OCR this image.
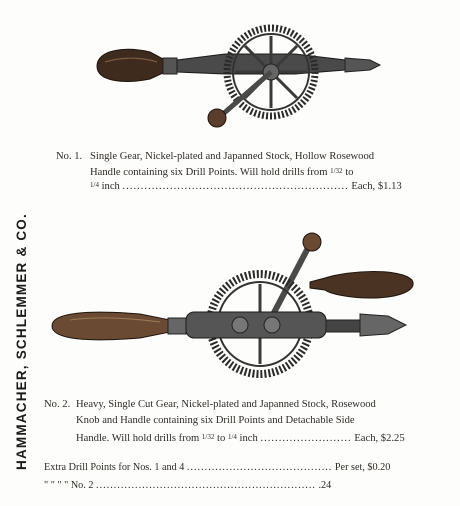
HAMMACHER, SCHLEMMER & CO.
No. 1. Single Gear, Nickel-plated and Japanned Stock, Hollow Rosewood
Handle containing six Drill Points. Will hold drills from 1/32 to
1/4 inch .............................................................. Each, $1.13
No. 2. Heavy, Single Cut Gear, Nickel-plated and Japanned Stock, Rosewood
Knob and Handle containing six Drill Points and Detachable Side
Handle. Will hold drills from 1/32 to 1/4 inch ......................... Each, $2.25
Extra Drill Points for Nos. 1 and 4 ......................................... Per set, $0.20
" " " " No. 2 .............................................................. .24
